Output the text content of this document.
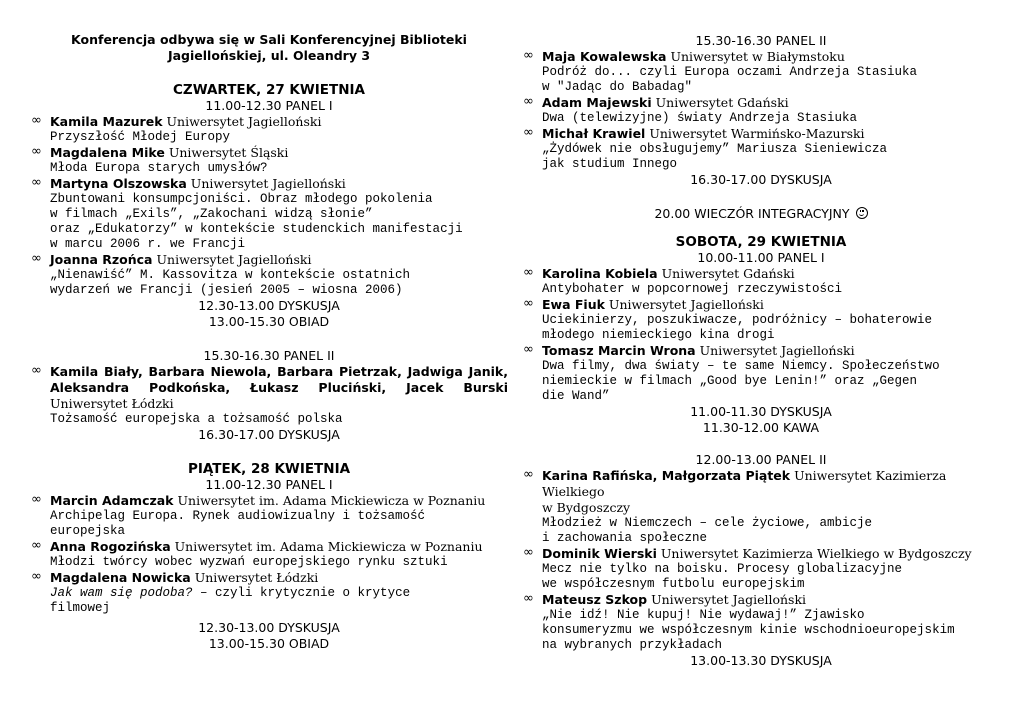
Konferencja odbywa się w Sali Konferencyjnej Biblioteki
Jagiellońskiej, ul. Oleandry 3
CZWARTEK, 27 KWIETNIA
11.00-12.30 PANEL I
∞ Kamila Mazurek Uniwersytet Jagielloński
Przyszłość Młodej Europy
∞ Magdalena Mike Uniwersytet Śląski
Młoda Europa starych umysłów?
∞ Martyna Olszowska Uniwersytet Jagielloński
Zbuntowani konsumpcjoniści. Obraz młodego pokolenia
w filmach „Exils”, „Zakochani widzą słonie”
oraz „Edukatorzy” w kontekście studenckich manifestacji
w marcu 2006 r. we Francji
∞ Joanna Rzońca Uniwersytet Jagielloński
„Nienawiść” M. Kassovitza w kontekście ostatnich
wydarzeń we Francji (jesień 2005 – wiosna 2006)
12.30-13.00 DYSKUSJA
13.00-15.30 OBIAD
15.30-16.30 PANEL II
∞ Kamila Biały, Barbara Niewola, Barbara Pietrzak, Jadwiga Janik, Aleksandra Podkońska, Łukasz Pluciński, Jacek Burski Uniwersytet Łódzki
Tożsamość europejska a tożsamość polska
16.30-17.00 DYSKUSJA
PIĄTEK, 28 KWIETNIA
11.00-12.30 PANEL I
∞ Marcin Adamczak Uniwersytet im. Adama Mickiewicza w Poznaniu
Archipelag Europa. Rynek audiowizualny i tożsamość
europejska
∞ Anna Rogozińska Uniwersytet im. Adama Mickiewicza w Poznaniu
Młodzi twórcy wobec wyzwań europejskiego rynku sztuki
∞ Magdalena Nowicka Uniwersytet Łódzki
Jak wam się podoba? – czyli krytycznie o krytyce
filmowej
12.30-13.00 DYSKUSJA
13.00-15.30 OBIAD
15.30-16.30 PANEL II
∞ Maja Kowalewska Uniwersytet w Białymstoku
Podróż do... czyli Europa oczami Andrzeja Stasiuka
w "Jadąc do Babadag"
∞ Adam Majewski Uniwersytet Gdański
Dwa (telewizyjne) światy Andrzeja Stasiuka
∞ Michał Krawiel Uniwersytet Warmińsko-Mazurski
„Żydówek nie obsługujemy” Mariusza Sieniewicza
jak studium Innego
16.30-17.00 DYSKUSJA
20.00 WIECZÓR INTEGRACYJNY
SOBOTA, 29 KWIETNIA
10.00-11.00 PANEL I
∞ Karolina Kobiela Uniwersytet Gdański
Antybohater w popcornowej rzeczywistości
∞ Ewa Fiuk Uniwersytet Jagielloński
Uciekinierzy, poszukiwacze, podróżnicy – bohaterowie
młodego niemieckiego kina drogi
∞ Tomasz Marcin Wrona Uniwersytet Jagielloński
Dwa filmy, dwa światy – te same Niemcy. Społeczeństwo
niemieckie w filmach „Good bye Lenin!” oraz „Gegen
die Wand”
11.00-11.30 DYSKUSJA
11.30-12.00 KAWA
12.00-13.00 PANEL II
∞ Karina Rafińska, Małgorzata Piątek Uniwersytet Kazimierza Wielkiego
w Bydgoszczy
Młodzież w Niemczech – cele życiowe, ambicje
i zachowania społeczne
∞ Dominik Wierski Uniwersytet Kazimierza Wielkiego w Bydgoszczy
Mecz nie tylko na boisku. Procesy globalizacyjne
we współczesnym futbolu europejskim
∞ Mateusz Szkop Uniwersytet Jagielloński
„Nie idź! Nie kupuj! Nie wydawaj!” Zjawisko
konsumeryzmu we współczesnym kinie wschodnioeuropejskim
na wybranych przykładach
13.00-13.30 DYSKUSJA
